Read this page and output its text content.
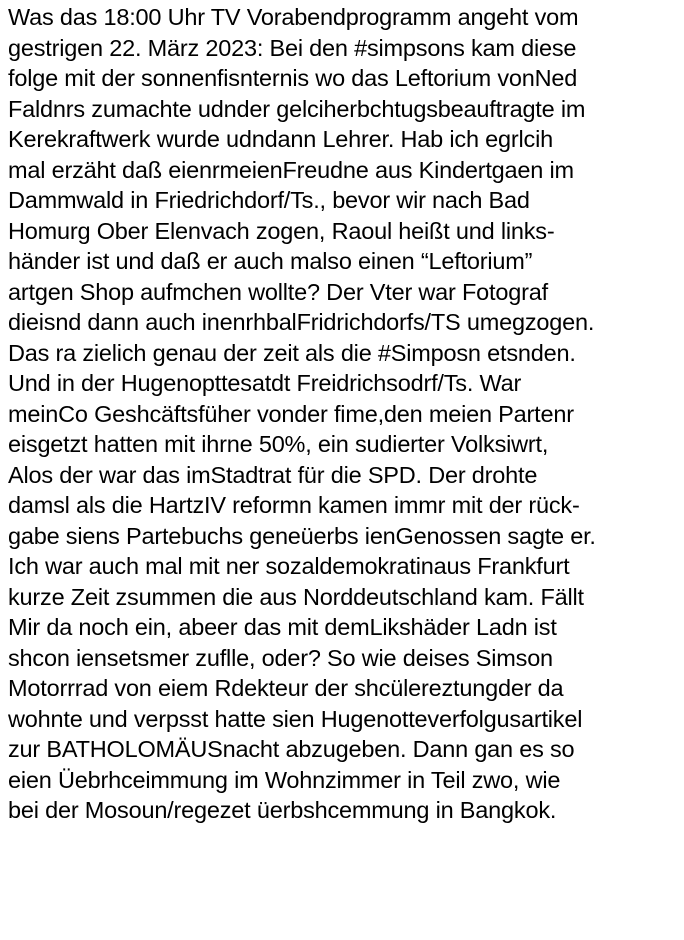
Was das 18:00 Uhr TV Vorabendprogramm angeht vom
gestrigen 22. März 2023: Bei den #simpsons kam diese
folge mit der sonnenfisnternis wo das Leftorium vonNed
Faldnrs zumachte udnder gelciherbchtugsbeauftragte im
Kerekraftwerk wurde udndann Lehrer. Hab ich egrlcih
mal erzäht daß eienrmeienFreudne aus Kindertgaen im
Dammwald in Friedrichdorf/Ts., bevor wir nach Bad
Homurg Ober Elenvach zogen, Raoul heißt und links-
händer ist und daß er auch malso einen “Leftorium”
artgen Shop aufmchen wollte? Der Vter war Fotograf
dieisnd dann auch inenrhbalFridrichdorfs/TS umegzogen.
Das ra zielich genau der zeit als die #Simposn etsnden.
Und in der Hugenopttesatdt Freidrichsodrf/Ts. War
meinCo Geshcäftsfüher vonder fime,den meien Partenr
eisgetzt hatten mit ihrne 50%, ein sudierter Volksiwrt,
Alos der war das imStadtrat für die SPD. Der drohte
damsl als die HartzIV reformn kamen immr mit der rück-
gabe siens Partebuchs geneüerbs ienGenossen sagte er.
Ich war auch mal mit ner sozaldemokratinaus Frankfurt
kurze Zeit zsummen die aus Norddeutschland kam. Fällt
Mir da noch ein, abeer das mit demLikshäder Ladn ist
shcon iensetsmer zuflle, oder? So wie deises Simson
Motorrrad von eiem Rdekteur der shcülereztungder da
wohnte und verpsst hatte sien Hugenotteverfolgusartikel
zur BATHOLOMÄUSnacht abzugeben. Dann gan es so
eien Üebrhceimmung im Wohnzimmer in Teil zwo, wie
bei der Mosoun/regezet üerbshcemmung in Bangkok.
